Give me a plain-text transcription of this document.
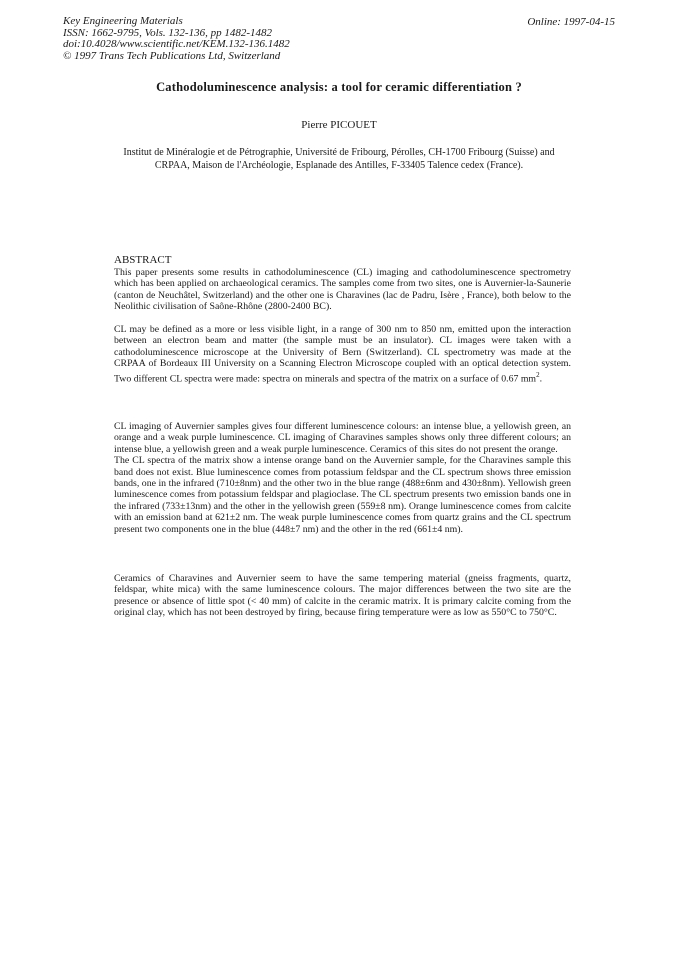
Key Engineering Materials
ISSN: 1662-9795, Vols. 132-136, pp 1482-1482
doi:10.4028/www.scientific.net/KEM.132-136.1482
© 1997 Trans Tech Publications Ltd, Switzerland
Online: 1997-04-15
Cathodoluminescence analysis: a tool for ceramic differentiation ?
Pierre PICOUET
Institut de Minéralogie et de Pétrographie, Université de Fribourg, Pérolles, CH-1700 Fribourg (Suisse) and CRPAA, Maison de l'Archéologie, Esplanade des Antilles, F-33405 Talence cedex (France).
ABSTRACT

This paper presents some results in cathodoluminescence (CL) imaging and cathodoluminescence spectrometry which has been applied on archaeological ceramics. The samples come from two sites, one is Auvernier-la-Saunerie (canton de Neuchâtel, Switzerland) and the other one is Charavines (lac de Padru, Isère , France), both below to the Neolithic civilisation of Saône-Rhône (2800-2400 BC).

CL may be defined as a more or less visible light, in a range of 300 nm to 850 nm, emitted upon the interaction between an electron beam and matter (the sample must be an insulator). CL images were taken with a cathodoluminescence microscope at the University of Bern (Switzerland). CL spectrometry was made at the CRPAA of Bordeaux III University on a Scanning Electron Microscope coupled with an optical detection system. Two different CL spectra were made: spectra on minerals and spectra of the matrix on a surface of 0.67 $mm^2$.

CL imaging of Auvernier samples gives four different luminescence colours: an intense blue, a yellowish green, an orange and a weak purple luminescence. CL imaging of Charavines samples shows only three different colours; an intense blue, a yellowish green and a weak purple luminescence. Ceramics of this sites do not present the orange.

The CL spectra of the matrix show a intense orange band on the Auvernier sample, for the Charavines sample this band does not exist. Blue luminescence comes from potassium feldspar and the CL spectrum shows three emission bands, one in the infrared (710±8nm) and the other two in the blue range (488±6nm and 430±8nm). Yellowish green luminescence comes from potassium feldspar and plagioclase. The CL spectrum presents two emission bands one in the infrared (733±13nm) and the other in the yellowish green (559±8 nm). Orange luminescence comes from calcite with an emission band at 621±2 nm. The weak purple luminescence comes from quartz grains and the CL spectrum present two components one in the blue (448±7 nm) and the other in the red (661±4 nm).

Ceramics of Charavines and Auvernier seem to have the same tempering material (gneiss fragments, quartz, feldspar, white mica) with the same luminescence colours. The major differences between the two site are the presence or absence of little spot (< 40 mm) of calcite in the ceramic matrix. It is primary calcite coming from the original clay, which has not been destroyed by firing, because firing temperature were as low as 550°C to 750°C.
